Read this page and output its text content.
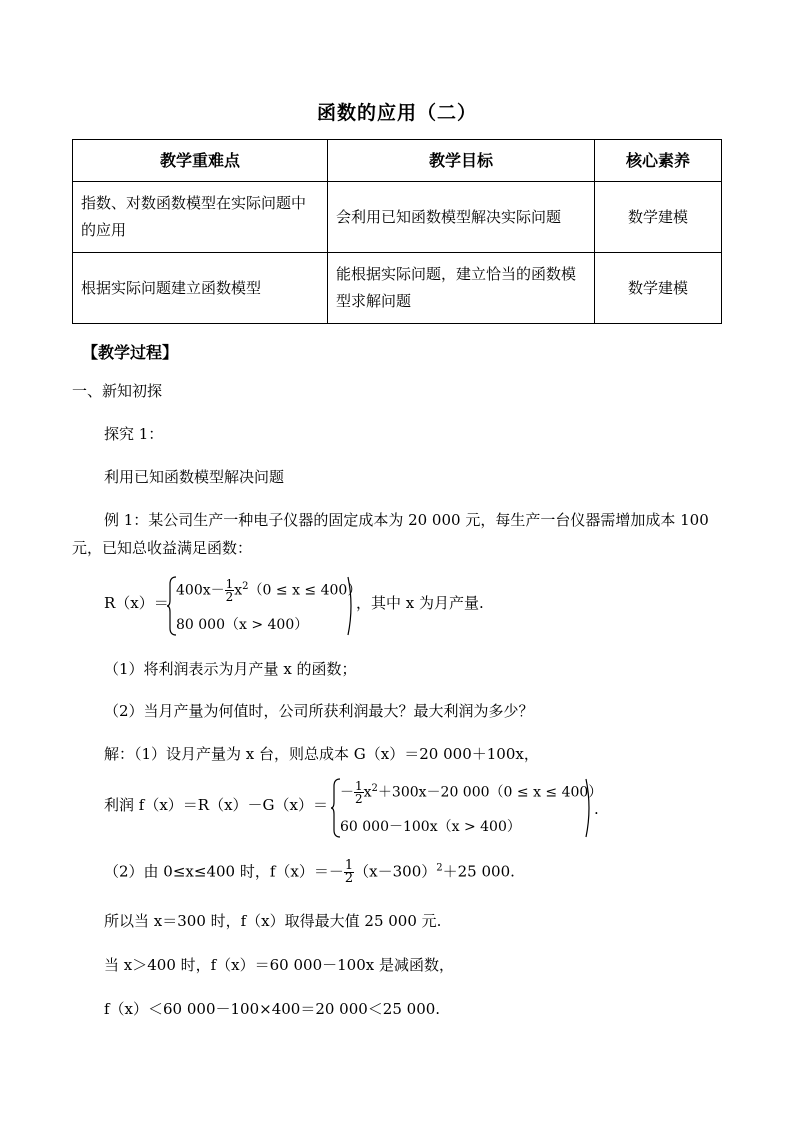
函数的应用（二）
教学重难点	教学目标	核心素养
指数、对数函数模型在实际问题中的应用	会利用已知函数模型解决实际问题	数学建模
根据实际问题建立函数模型	能根据实际问题，建立恰当的函数模型求解问题	数学建模
【教学过程】
一、新知初探
探究 1：
利用已知函数模型解决问题
例 1：某公司生产一种电子仪器的固定成本为 20 000 元，每生产一台仪器需增加成本 100
元，已知总收益满足函数：
R（x）＝
$400x- \frac{1}{2} x^2(0 \le x \le 400)$
80 000（x > 400）
，其中 x 为月产量.
（1）将利润表示为月产量 x 的函数；
（2）当月产量为何值时，公司所获利润最大？最大利润为多少？
解：（1）设月产量为 x 台，则总成本 G（x）＝20 000＋100x，
利润 f（x）＝R（x）－G（x）＝
－ $\frac{1}{2} x^2+300x-20$ 000（0 ≤ x ≤ 400）
60 000－100x（x > 400）
.
（2）由 0≤x≤400 时，$f(x)=- \frac{1}{2} (x-300)^2+25$ 000.
所以当 x＝300 时，f（x）取得最大值 25 000 元.
当 x＞400 时，f（x）＝60 000－100x 是减函数，
f（x）＜60 000－100×400＝20 000＜25 000.
